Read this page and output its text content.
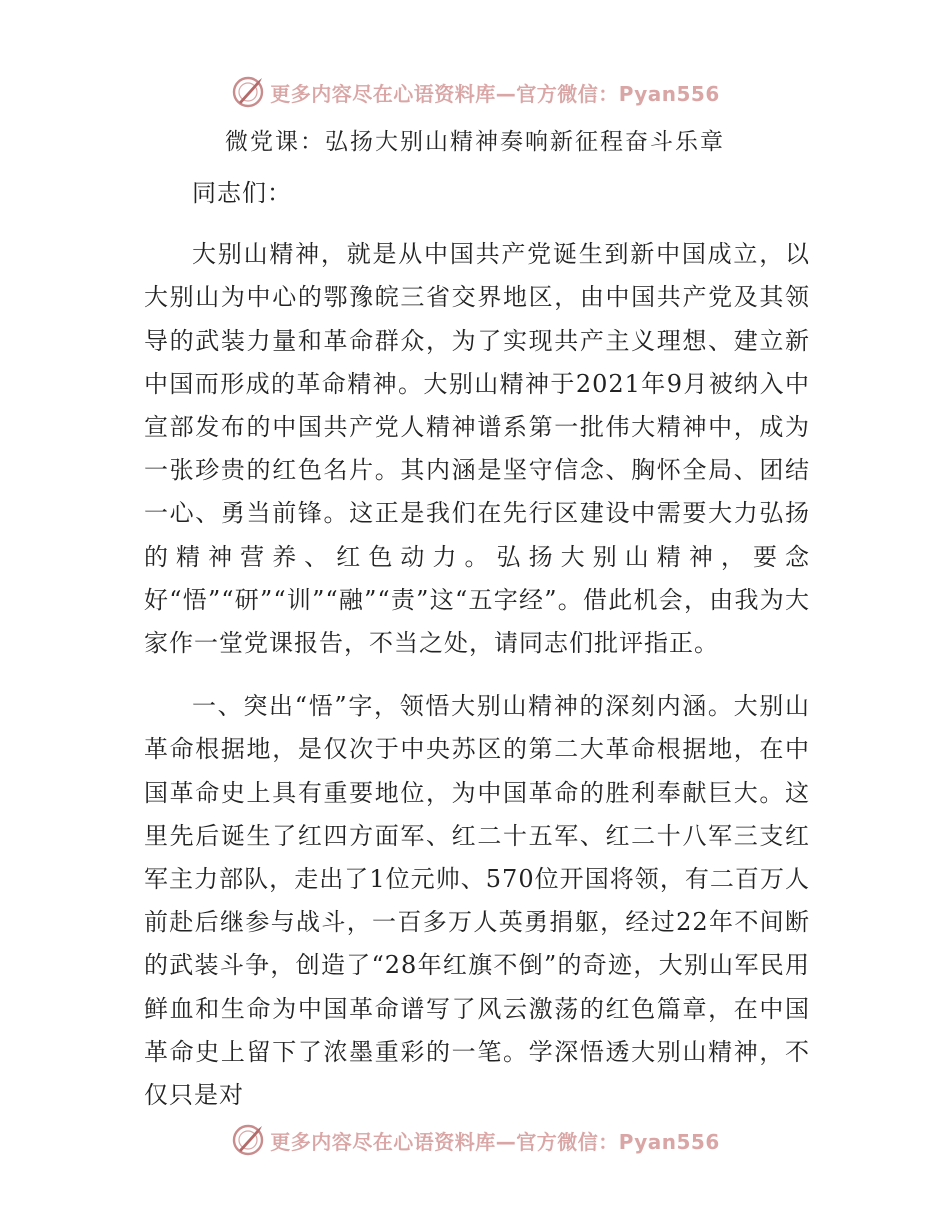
更多内容尽在心语资料库—官方微信：Pyan556
微党课：弘扬大别山精神奏响新征程奋斗乐章

同志们：

大别山精神，就是从中国共产党诞生到新中国成立，以大别山为中心的鄂豫皖三省交界地区，由中国共产党及其领导的武装力量和革命群众，为了实现共产主义理想、建立新中国而形成的革命精神。大别山精神于2021年9月被纳入中宣部发布的中国共产党人精神谱系第一批伟大精神中，成为一张珍贵的红色名片。其内涵是坚守信念、胸怀全局、团结一心、勇当前锋。这正是我们在先行区建设中需要大力弘扬的精神营养、红色动力。弘扬大别山精神，要念好“悟”“研”“训”“融”“责”这“五字经”。借此机会，由我为大家作一堂党课报告，不当之处，请同志们批评指正。

一、突出“悟”字，领悟大别山精神的深刻内涵。大别山革命根据地，是仅次于中央苏区的第二大革命根据地，在中国革命史上具有重要地位，为中国革命的胜利奉献巨大。这里先后诞生了红四方面军、红二十五军、红二十八军三支红军主力部队，走出了1位元帅、570位开国将领，有二百万人前赴后继参与战斗，一百多万人英勇捐躯，经过22年不间断的武装斗争，创造了“28年红旗不倒”的奇迹，大别山军民用鲜血和生命为中国革命谱写了风云激荡的红色篇章，在中国革命史上留下了浓墨重彩的一笔。学深悟透大别山精神，不仅只是对

更多内容尽在心语资料库—官方微信：Pyan556
